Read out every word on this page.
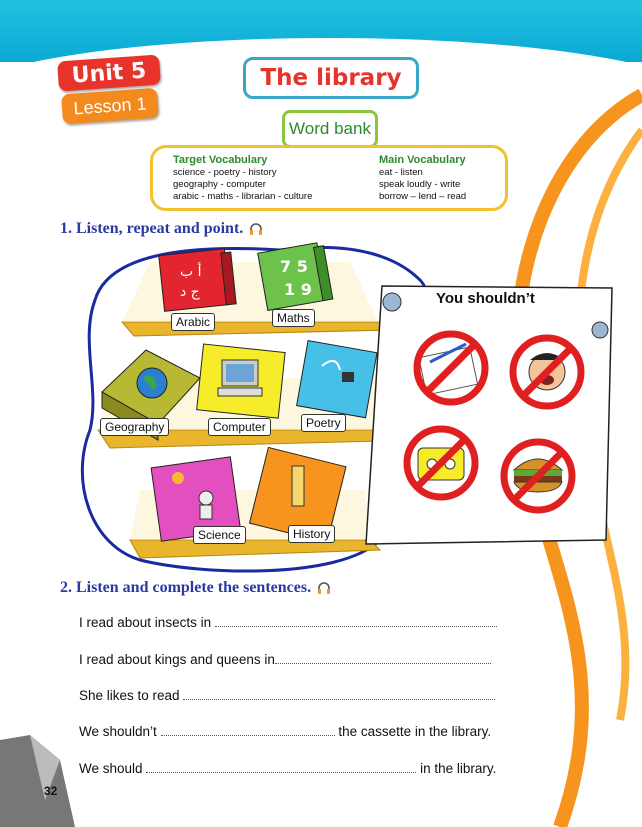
Unit 5
Lesson 1
The library
Word bank
Target Vocabulary
science - poetry - history
geography - computer
arabic - maths - librarian - culture
Main Vocabulary
eat - listen
speak loudly - write
borrow – lend – read
1. Listen, repeat and point.
أ ب
ج د
7 5
1 9	You shouldn’t
Arabic	Maths
Geography	Computer	Poetry
Science	History
2. Listen and complete the sentences.
I read about insects in
I read about kings and queens in
She likes to read
We shouldn’t	the cassette in the library.
We should	in the library.
32
